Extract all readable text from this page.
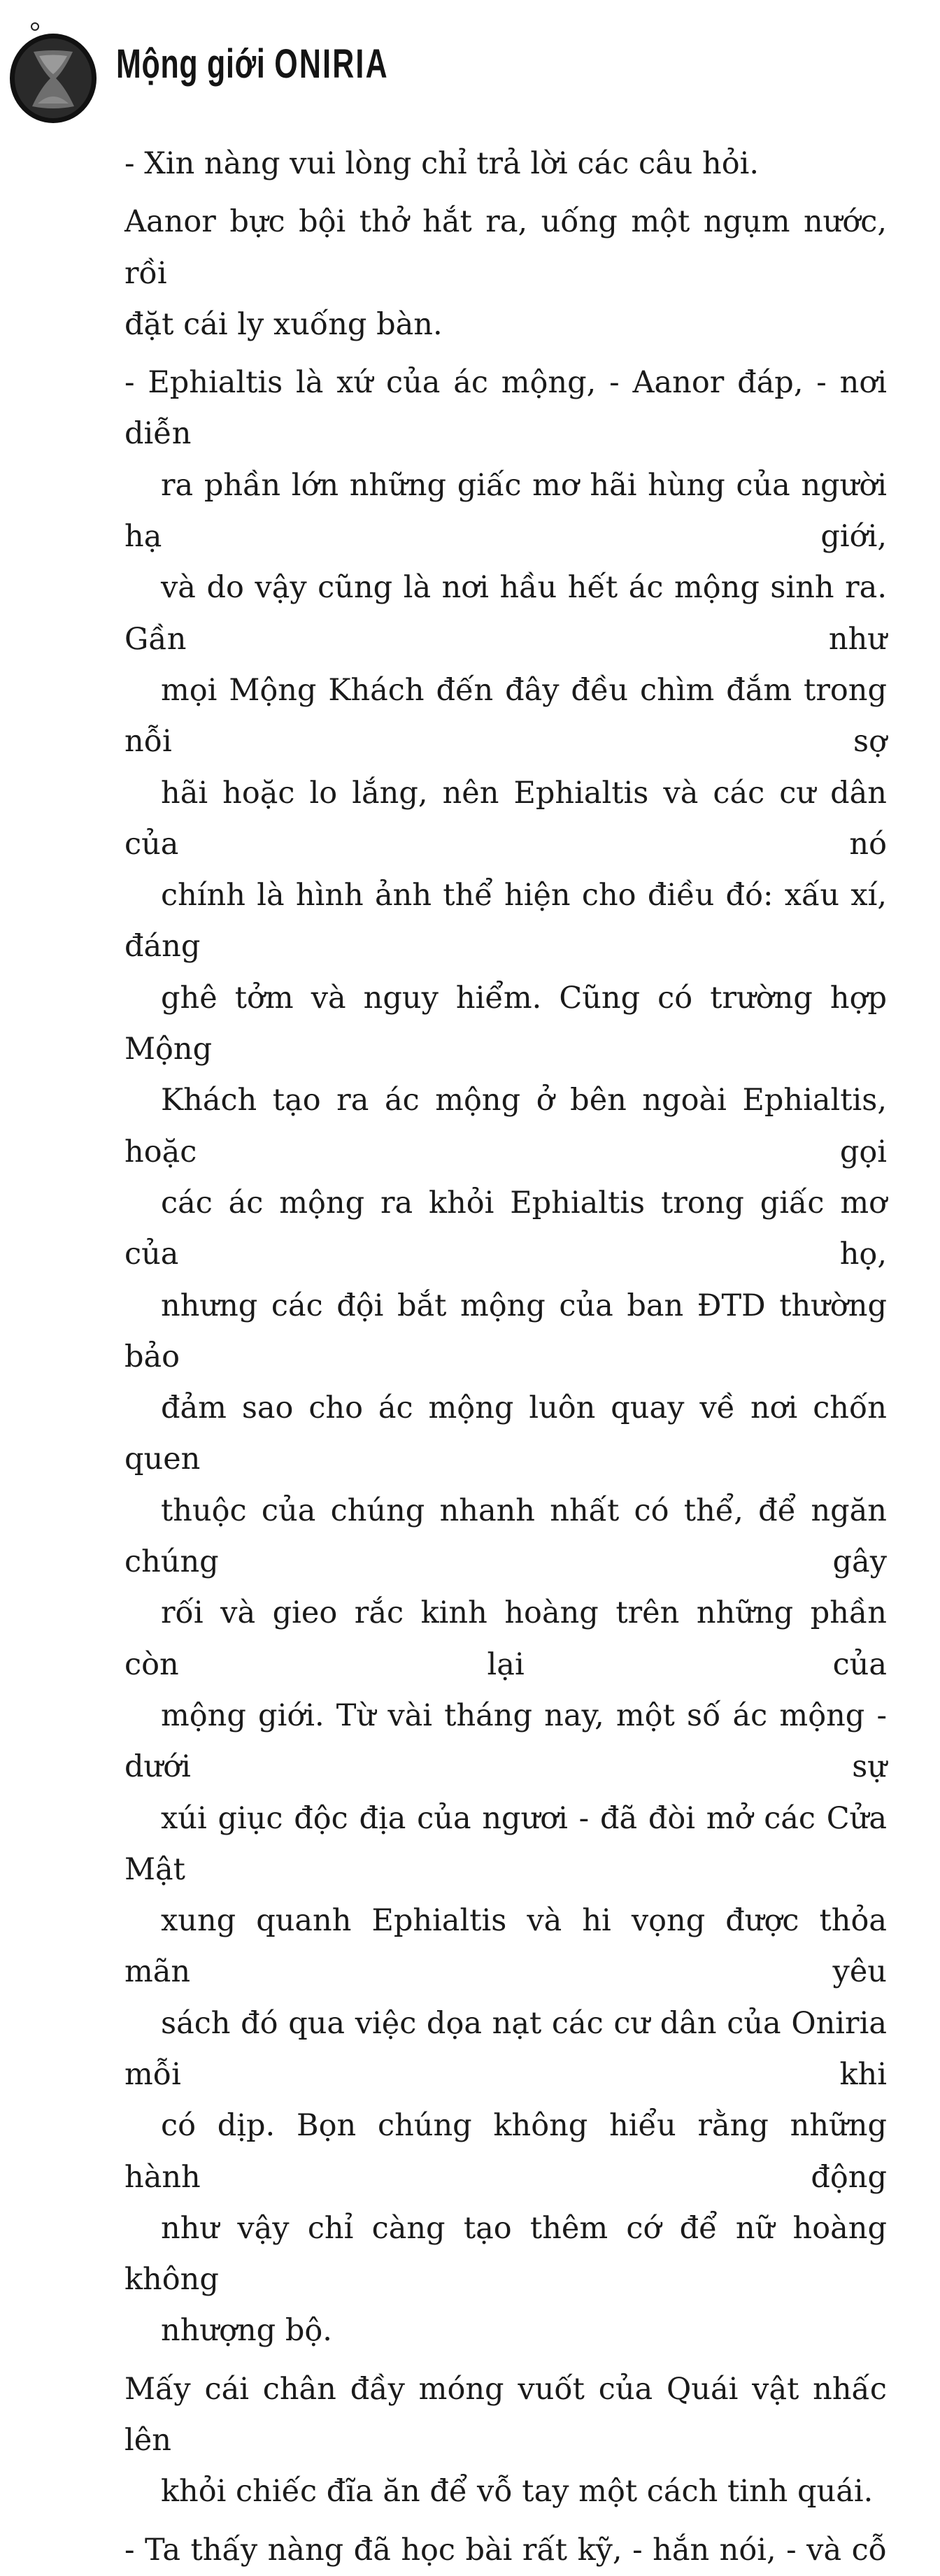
Mộng giới ONIRIA

- Xin nàng vui lòng chỉ trả lời các câu hỏi.

Aanor bực bội thở hắt ra, uống một ngụm nước, rồi

đặt cái ly xuống bàn.

- Ephialtis là xứ của ác mộng, - Aanor đáp, - nơi diễn

ra phần lớn những giấc mơ hãi hùng của người hạ giới,

và do vậy cũng là nơi hầu hết ác mộng sinh ra. Gần như

mọi Mộng Khách đến đây đều chìm đắm trong nỗi sợ

hãi hoặc lo lắng, nên Ephialtis và các cư dân của nó

chính là hình ảnh thể hiện cho điều đó: xấu xí, đáng

ghê tởm và nguy hiểm. Cũng có trường hợp Mộng

Khách tạo ra ác mộng ở bên ngoài Ephialtis, hoặc gọi

các ác mộng ra khỏi Ephialtis trong giấc mơ của họ,

nhưng các đội bắt mộng của ban ĐTD thường bảo

đảm sao cho ác mộng luôn quay về nơi chốn quen

thuộc của chúng nhanh nhất có thể, để ngăn chúng gây

rối và gieo rắc kinh hoàng trên những phần còn lại của

mộng giới. Từ vài tháng nay, một số ác mộng - dưới sự

xúi giục độc địa của ngươi - đã đòi mở các Cửa Mật

xung quanh Ephialtis và hi vọng được thỏa mãn yêu

sách đó qua việc dọa nạt các cư dân của Oniria mỗi khi

có dịp. Bọn chúng không hiểu rằng những hành động

như vậy chỉ càng tạo thêm cớ để nữ hoàng không

nhượng bộ.

Mấy cái chân đầy móng vuốt của Quái vật nhấc lên

khỏi chiếc đĩa ăn để vỗ tay một cách tinh quái.

- Ta thấy nàng đã học bài rất kỹ, - hắn nói, - và cỗ
